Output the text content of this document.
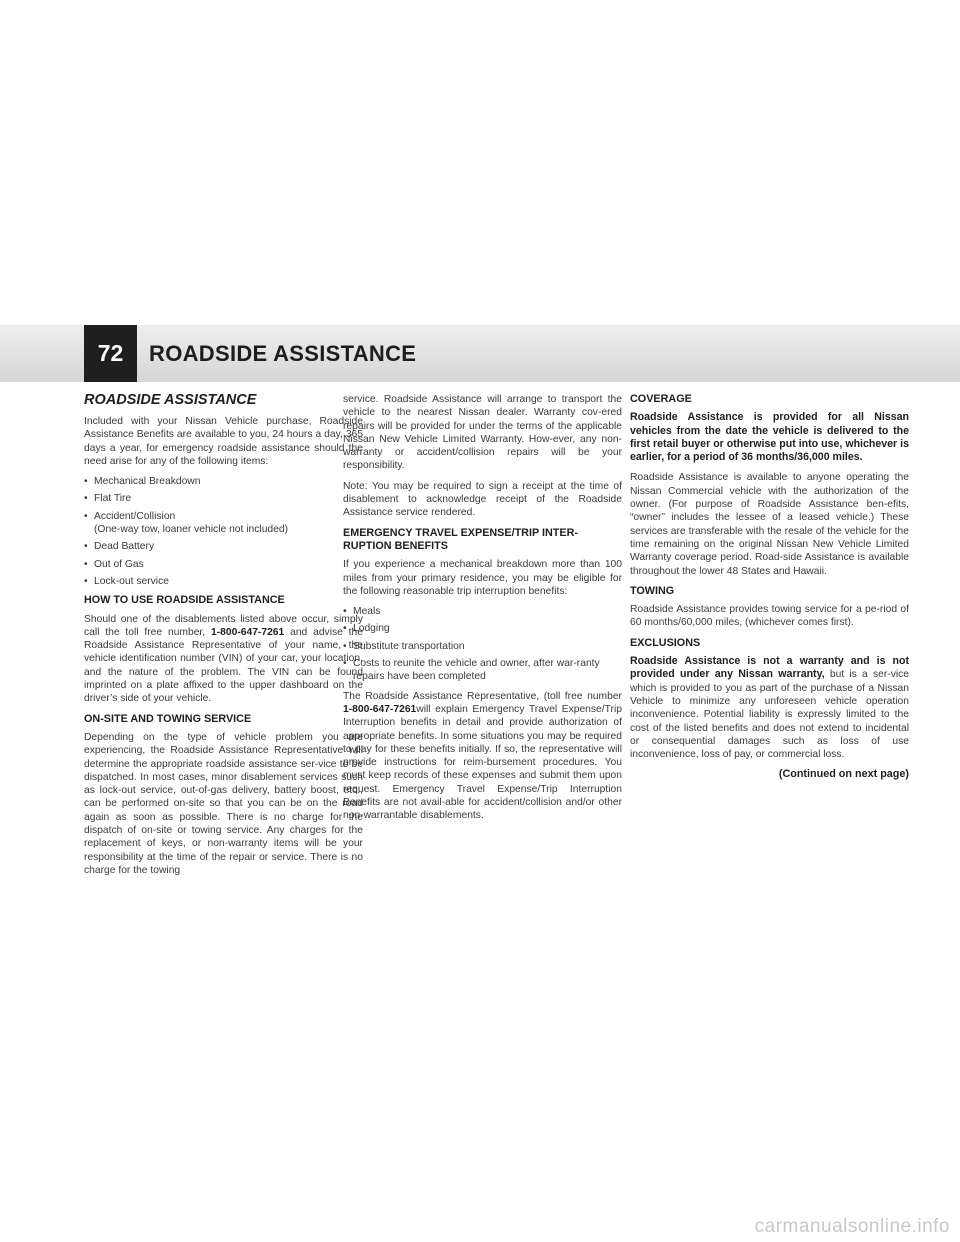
72	ROADSIDE ASSISTANCE
ROADSIDE ASSISTANCE

Included with your Nissan Vehicle purchase, Roadside Assistance Benefits are available to you, 24 hours a day, 365 days a year, for emergency roadside assistance should the need arise for any of the following items:

• Mechanical Breakdown
• Flat Tire
• Accident/Collision
(One-way tow, loaner vehicle not included)
• Dead Battery
• Out of Gas
• Lock-out service
HOW TO USE ROADSIDE ASSISTANCE

Should one of the disablements listed above occur, simply call the toll free number, 1-800-647-7261 and advise the Roadside Assistance Representative of your name, the vehicle identification number (VIN) of your car, your location, and the nature of the problem. The VIN can be found imprinted on a plate affixed to the upper dashboard on the driver’s side of your vehicle.

ON-SITE AND TOWING SERVICE

Depending on the type of vehicle problem you are experiencing, the Roadside Assistance Representative will determine the appropriate roadside assistance ser-vice to be dispatched. In most cases, minor disablement services such as lock-out service, out-of-gas delivery, battery boost, etc., can be performed on-site so that you can be on the road again as soon as possible. There is no charge for the dispatch of on-site or towing service. Any charges for the replacement of keys, or non-warranty items will be your responsibility at the time of the repair or service. There is no charge for the towing

service. Roadside Assistance will arrange to transport the vehicle to the nearest Nissan dealer. Warranty cov-ered repairs will be provided for under the terms of the applicable Nissan New Vehicle Limited Warranty. How-ever, any non-warranty or accident/collision repairs will be your responsibility.

Note: You may be required to sign a receipt at the time of disablement to acknowledge receipt of the Roadside Assistance service rendered.

EMERGENCY TRAVEL EXPENSE/TRIP INTER-RUPTION BENEFITS

If you experience a mechanical breakdown more than 100 miles from your primary residence, you may be eligible for the following reasonable trip interruption benefits:

• Meals
• Lodging
• Substitute transportation
• Costs to reunite the vehicle and owner, after war-ranty repairs have been completed

The Roadside Assistance Representative, (toll free number 1-800-647-7261will explain Emergency Travel Expense/Trip Interruption benefits in detail and provide authorization of appropriate benefits. In some situations you may be required to pay for these benefits initially. If so, the representative will provide instructions for reim-bursement procedures. You must keep records of these expenses and submit them upon request. Emergency Travel Expense/Trip Interruption Benefits are not avail-able for accident/collision and/or other non-warrantable disablements.

COVERAGE

Roadside Assistance is provided for all Nissan vehicles from the date the vehicle is delivered to the first retail buyer or otherwise put into use, whichever is earlier, for a period of 36 months/36,000 miles.

Roadside Assistance is available to anyone operating the Nissan Commercial vehicle with the authorization of the owner. (For purpose of Roadside Assistance ben-efits, “owner” includes the lessee of a leased vehicle.) These services are transferable with the resale of the vehicle for the time remaining on the original Nissan New Vehicle Limited Warranty coverage period. Road-side Assistance is available throughout the lower 48 States and Hawaii.

TOWING

Roadside Assistance provides towing service for a pe-riod of 60 months/60,000 miles, (whichever comes first).

EXCLUSIONS

Roadside Assistance is not a warranty and is not provided under any Nissan warranty, but is a ser-vice which is provided to you as part of the purchase of a Nissan Vehicle to minimize any unforeseen vehicle operation inconvenience. Potential liability is expressly limited to the cost of the listed benefits and does not extend to incidental or consequential damages such as loss of use inconvenience, loss of pay, or commercial loss.

(Continued on next page)
carmanualsonline.info
